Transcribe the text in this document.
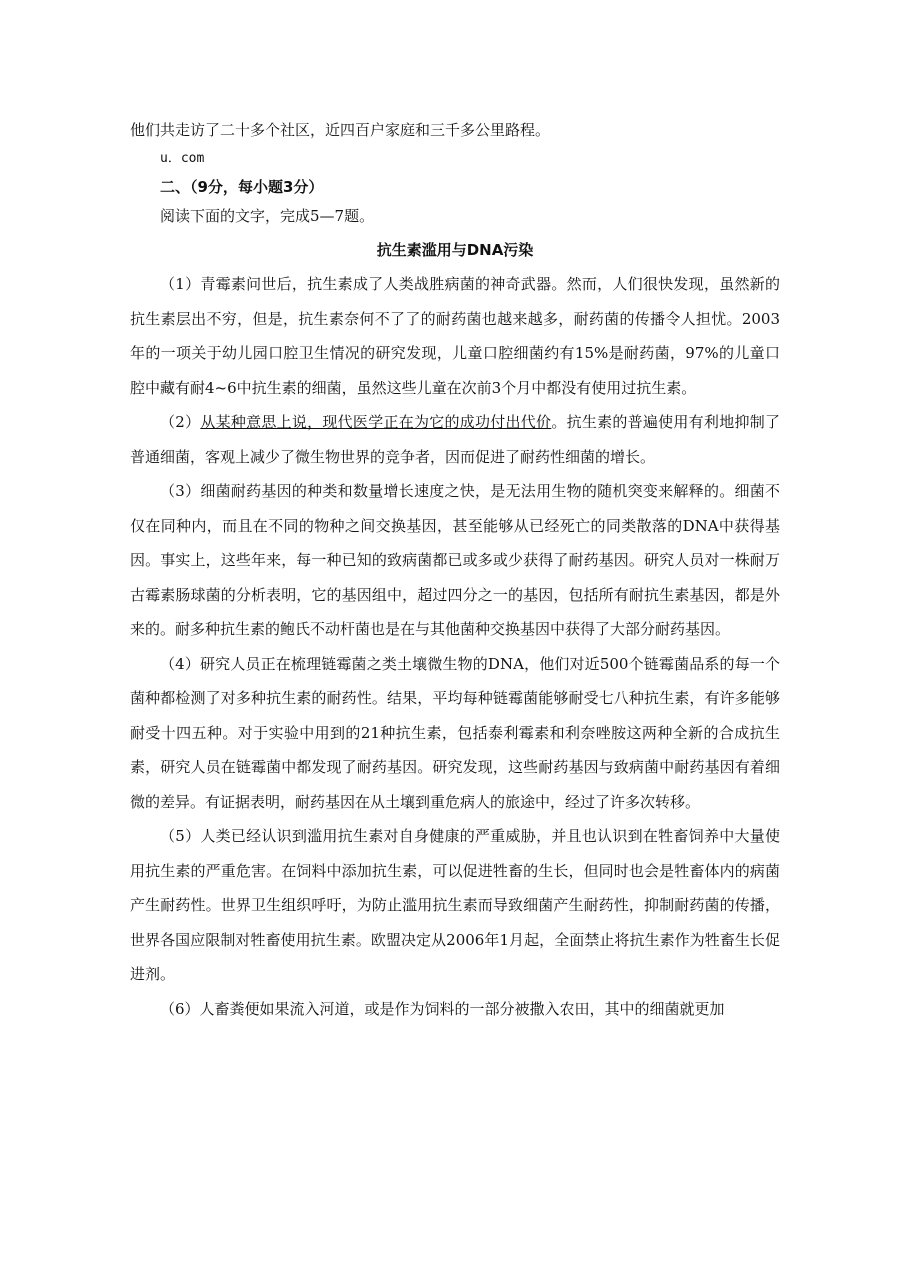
他们共走访了二十多个社区，近四百户家庭和三千多公里路程。
u．com
二、（9分，每小题3分）
阅读下面的文字，完成5—7题。
抗生素滥用与DNA污染

（1）青霉素问世后，抗生素成了人类战胜病菌的神奇武器。然而，人们很快发现，虽然新的抗生素层出不穷，但是，抗生素奈何不了了的耐药菌也越来越多，耐药菌的传播令人担忧。2003年的一项关于幼儿园口腔卫生情况的研究发现，儿童口腔细菌约有15%是耐药菌，97%的儿童口腔中藏有耐4~6中抗生素的细菌，虽然这些儿童在次前3个月中都没有使用过抗生素。

（2）从某种意思上说，现代医学正在为它的成功付出代价。抗生素的普遍使用有利地抑制了普通细菌，客观上减少了微生物世界的竞争者，因而促进了耐药性细菌的增长。

（3）细菌耐药基因的种类和数量增长速度之快，是无法用生物的随机突变来解释的。细菌不仅在同种内，而且在不同的物种之间交换基因，甚至能够从已经死亡的同类散落的DNA中获得基因。事实上，这些年来，每一种已知的致病菌都已或多或少获得了耐药基因。研究人员对一株耐万古霉素肠球菌的分析表明，它的基因组中，超过四分之一的基因，包括所有耐抗生素基因，都是外来的。耐多种抗生素的鲍氏不动杆菌也是在与其他菌种交换基因中获得了大部分耐药基因。

（4）研究人员正在梳理链霉菌之类土壤微生物的DNA，他们对近500个链霉菌品系的每一个菌种都检测了对多种抗生素的耐药性。结果，平均每种链霉菌能够耐受七八种抗生素，有许多能够耐受十四五种。对于实验中用到的21种抗生素，包括泰利霉素和利奈唑胺这两种全新的合成抗生素，研究人员在链霉菌中都发现了耐药基因。研究发现，这些耐药基因与致病菌中耐药基因有着细微的差异。有证据表明，耐药基因在从土壤到重危病人的旅途中，经过了许多次转移。

（5）人类已经认识到滥用抗生素对自身健康的严重威胁，并且也认识到在牲畜饲养中大量使用抗生素的严重危害。在饲料中添加抗生素，可以促进牲畜的生长，但同时也会是牲畜体内的病菌产生耐药性。世界卫生组织呼吁，为防止滥用抗生素而导致细菌产生耐药性，抑制耐药菌的传播，世界各国应限制对牲畜使用抗生素。欧盟决定从2006年1月起，全面禁止将抗生素作为牲畜生长促进剂。

（6）人畜粪便如果流入河道，或是作为饲料的一部分被撒入农田，其中的细菌就更加
